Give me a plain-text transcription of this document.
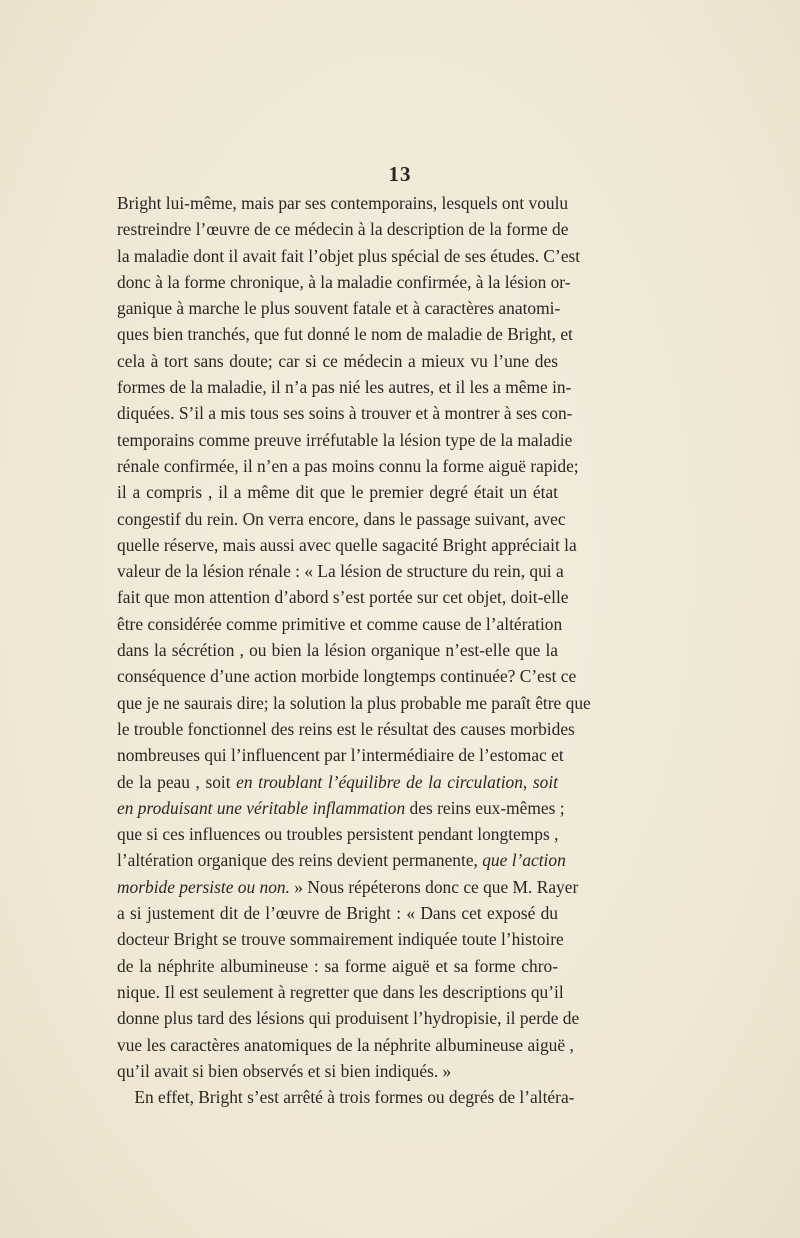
13
Bright lui-même, mais par ses contemporains, lesquels ont voulu
restreindre l’œuvre de ce médecin à la description de la forme de
la maladie dont il avait fait l’objet plus spécial de ses études. C’est
donc à la forme chronique, à la maladie confirmée, à la lésion or-
ganique à marche le plus souvent fatale et à caractères anatomi-
ques bien tranchés, que fut donné le nom de maladie de Bright, et
cela à tort sans doute; car si ce médecin a mieux vu l’une des
formes de la maladie, il n’a pas nié les autres, et il les a même in-
diquées. S’il a mis tous ses soins à trouver et à montrer à ses con-
temporains comme preuve irréfutable la lésion type de la maladie
rénale confirmée, il n’en a pas moins connu la forme aiguë rapide;
il a compris , il a même dit que le premier degré était un état
congestif du rein. On verra encore, dans le passage suivant, avec
quelle réserve, mais aussi avec quelle sagacité Bright appréciait la
valeur de la lésion rénale : « La lésion de structure du rein, qui a
fait que mon attention d’abord s’est portée sur cet objet, doit-elle
être considérée comme primitive et comme cause de l’altération
dans la sécrétion , ou bien la lésion organique n’est-elle que la
conséquence d’une action morbide longtemps continuée? C’est ce
que je ne saurais dire; la solution la plus probable me paraît être que
le trouble fonctionnel des reins est le résultat des causes morbides
nombreuses qui l’influencent par l’intermédiaire de l’estomac et
de la peau , soit en troublant l’équilibre de la circulation, soit
en produisant une véritable inflammation des reins eux-mêmes ;
que si ces influences ou troubles persistent pendant longtemps ,
l’altération organique des reins devient permanente, que l’action
morbide persiste ou non. » Nous répéterons donc ce que M. Rayer
a si justement dit de l’œuvre de Bright : « Dans cet exposé du
docteur Bright se trouve sommairement indiquée toute l’histoire
de la néphrite albumineuse : sa forme aiguë et sa forme chro-
nique. Il est seulement à regretter que dans les descriptions qu’il
donne plus tard des lésions qui produisent l’hydropisie, il perde de
vue les caractères anatomiques de la néphrite albumineuse aiguë ,
qu’il avait si bien observés et si bien indiqués. »
En effet, Bright s’est arrêté à trois formes ou degrés de l’altéra-
